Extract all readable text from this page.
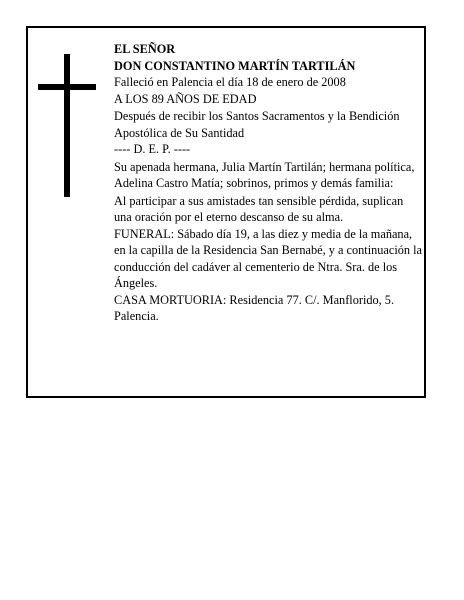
EL SEÑOR

DON CONSTANTINO MARTÍN TARTILÁN

Falleció en Palencia el día 18 de enero de 2008

A LOS 89 AÑOS DE EDAD

Después de recibir los Santos Sacramentos y la Bendición Apostólica de Su Santidad

---- D. E. P. ----

Su apenada hermana, Julia Martín Tartilán; hermana política, Adelina Castro Matía; sobrinos, primos y demás familia:

Al participar a sus amistades tan sensible pérdida, suplican una oración por el eterno descanso de su alma.

FUNERAL: Sábado día 19, a las diez y media de la mañana, en la capilla de la Residencia San Bernabé, y a continuación la conducción del cadáver al cementerio de Ntra. Sra. de los Ángeles.

CASA MORTUORIA: Residencia 77. C/. Manflorido, 5. Palencia.
